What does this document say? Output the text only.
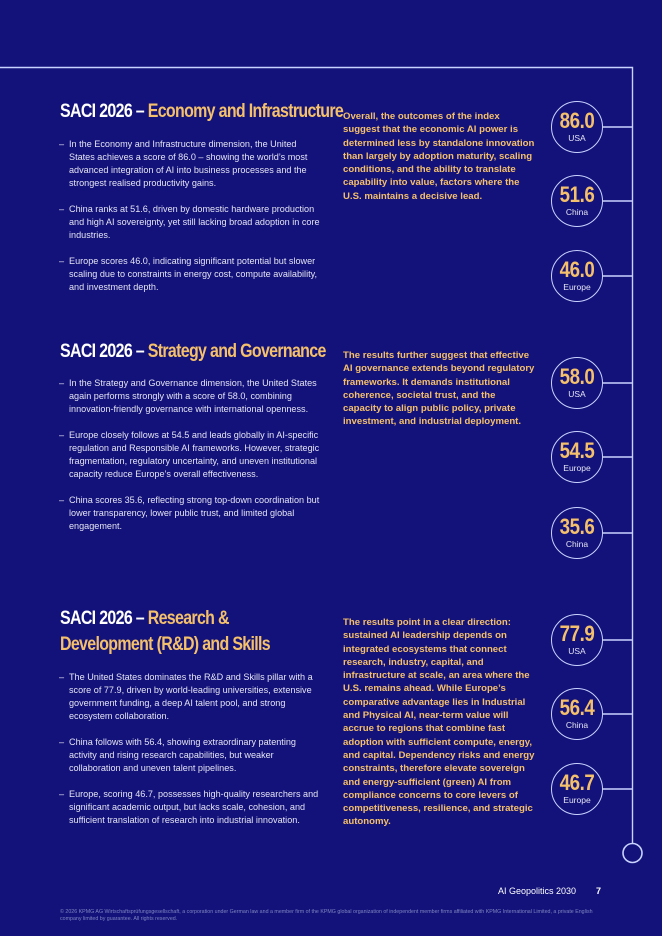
SACI 2026 – Economy and Infrastructure
– In the Economy and Infrastructure dimension, the United States achieves a score of 86.0 – showing the world’s most advanced integration of AI into business processes and the strongest realised productivity gains.
– China ranks at 51.6, driven by domestic hardware production and high AI sovereignty, yet still lacking broad adoption in core industries.
– Europe scores 46.0, indicating significant potential but slower scaling due to constraints in energy cost, compute availability, and investment depth.

Overall, the outcomes of the index suggest that the economic AI power is determined less by standalone innovation than largely by adoption maturity, scaling conditions, and the ability to translate capability into value, factors where the U.S. maintains a decisive lead.

86.0
USA
51.6
China
46.0
Europe
SACI 2026 – Strategy and Governance
– In the Strategy and Governance dimension, the United States again performs strongly with a score of 58.0, combining innovation-friendly governance with international openness.
– Europe closely follows at 54.5 and leads globally in AI-specific regulation and Responsible AI frameworks. However, strategic fragmentation, regulatory uncertainty, and uneven institutional capacity reduce Europe’s overall effectiveness.
– China scores 35.6, reflecting strong top-down coordination but lower transparency, lower public trust, and limited global engagement.

The results further suggest that effective AI governance extends beyond regulatory frameworks. It demands institutional coherence, societal trust, and the capacity to align public policy, private investment, and industrial deployment.

58.0
USA
54.5
Europe
35.6
China
SACI 2026 – Research & Development (R&D) and Skills
– The United States dominates the R&D and Skills pillar with a score of 77.9, driven by world-leading universities, extensive government funding, a deep AI talent pool, and strong ecosystem collaboration.
– China follows with 56.4, showing extraordinary patenting activity and rising research capabilities, but weaker collaboration and uneven talent pipelines.
– Europe, scoring 46.7, possesses high-quality researchers and significant academic output, but lacks scale, cohesion, and sufficient translation of research into industrial innovation.

The results point in a clear direction: sustained AI leadership depends on integrated ecosystems that connect research, industry, capital, and infrastructure at scale, an area where the U.S. remains ahead. While Europe’s comparative advantage lies in Industrial and Physical AI, near-term value will accrue to regions that combine fast adoption with sufficient compute, energy, and capital. Dependency risks and energy constraints, therefore elevate sovereign and energy-sufficient (green) AI from compliance concerns to core levers of competitiveness, resilience, and strategic autonomy.

77.9
USA
56.4
China
46.7
Europe
AI Geopolitics 2030 7

© 2026 KPMG AG Wirtschaftsprüfungsgesellschaft, a corporation under German law and a member firm of the KPMG global organization of independent member firms affiliated with KPMG International Limited, a private English company limited by guarantee. All rights reserved.
